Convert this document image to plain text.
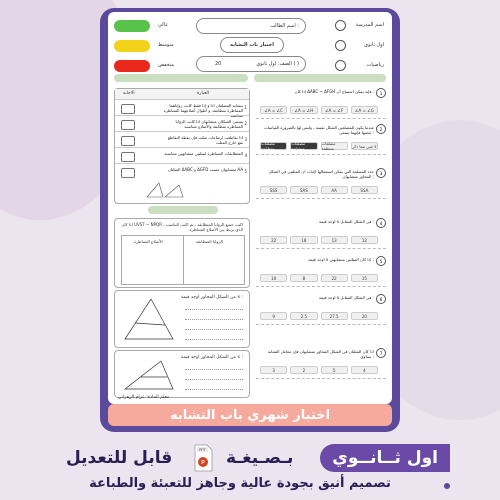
عالي
متوسط
منخفض
اسم الطالب :
اختبار باب التشابه
الصف: اول ثانوي ( )
20
اسم المدرسة
اول ثانوي
رياضيات
1
اذا كان ΔABC ~ ΔFGH فإنه يمكن استنتاج أن :
∠A = ∠C	∠A = ∠H	∠A = ∠F	∠A = ∠G
2
عندما يكون للمضلعين الشكل نفسه ، وليس لها بالضرورة القياسات نفسها فإنهما يسمى :
مضلعات متطابقة
مضلعات متشابهة
مضلعات منتظمة	لا شي مما ذكر
3
حدد المسلمة التي يمكن استعمالها لإثبات ان المثلثين في الشكل المجاور متشابهان :
SSS	SAS	AA	SSA
4
اوجد قيمة x في الشكل المقابل :
22	18	13	12
5
اوجد قيمة x اذا كان المثلثين متشابهين :
10	8	22	15
6
اوجد قيمة x في الشكل المقابل :
9	2.5	27.5	20
7
اذا كان المثلثان في الشكل المجاور متشابهان فإن معامل التشابه يساوي :
3	2	5	4
العبارة
الاجابة
1
بتشابه المضلعان اذا و إذا فقط كانت زواياهما المتناظرة متطابقة، و أطوال أضلاعهما المتناظرة متناسبة
2
يسمى الشكلان متشابهان اذا كانت الزوايا المتناظرة متطابقة والأضلاع متناسبة
3
اذا تقاطعت ارتفاعات مثلث فإن نقطة التقاطع تقع خارج المثلث
4
المتطابقات المتناظرة لمثلثين متشابهين متناسبة
5
المثلثان ΔABC و ΔGFD متشابهان حسب AA
اذا كان UVST ~ NPQR ، اكتب جميع الزوايا المتطابقة ، ثم اكتب التناسب الذي يربط بين الأضلاع المتناظرة
الأضلاع المتناظرة	الزوايا المتطابقة
من الشكل المجاور اوجد قيمة x :
من الشكل المجاور اوجد قيمة x :
معلم المادة: عزام الزهراني
اختبار شهري باب التشابه
اول ثــانــوي
بـصـيغـة
P
PPT
قابل للتعديل
تصميم أنيق بجودة عالية وجاهز للتعبئة والطباعة
